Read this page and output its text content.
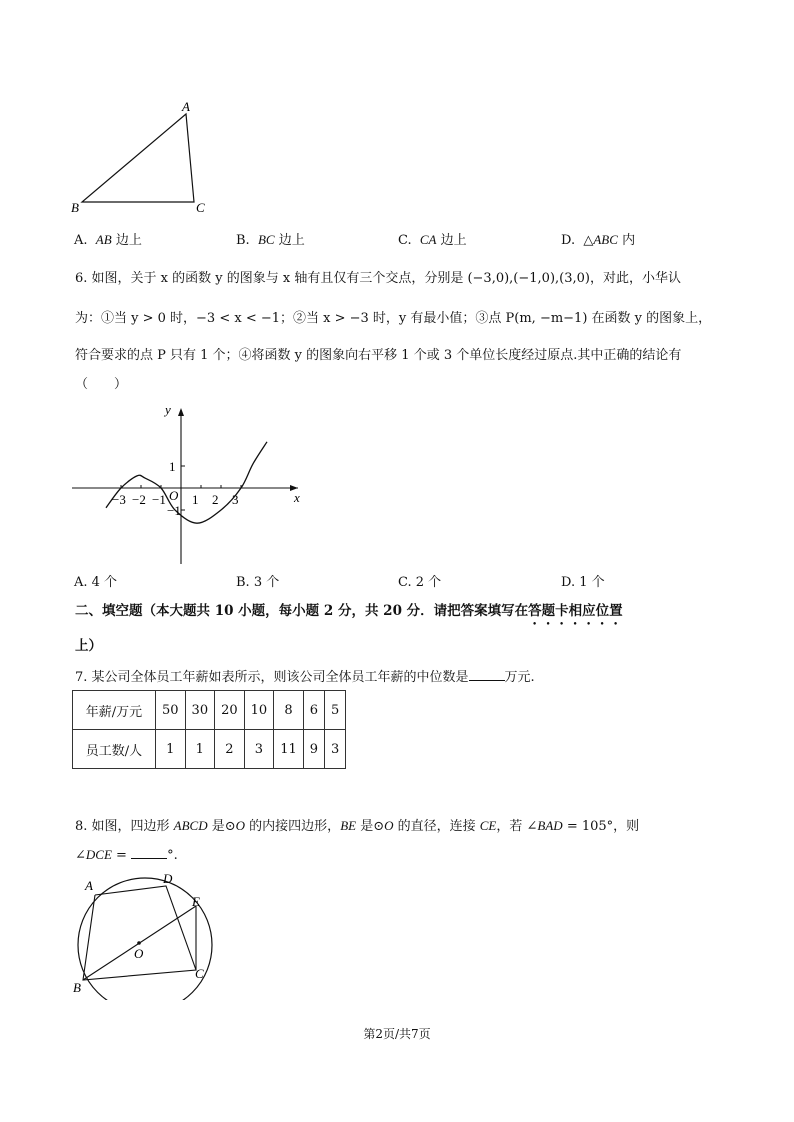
A
B	C
A. AB 边上	B. BC 边上	C. CA 边上	D. △ABC 内
6. 如图，关于 x 的函数 y 的图象与 x 轴有且仅有三个交点，分别是 (−3,0),(−1,0),(3,0)，对此，小华认
为：①当 y > 0 时，−3 < x < −1；②当 x > −3 时，y 有最小值；③点 P(m, −m−1) 在函数 y 的图象上，
符合要求的点 P 只有 1 个；④将函数 y 的图象向右平移 1 个或 3 个单位长度经过原点.其中正确的结论有
（　　）
y
x
O
−3 −2 −1 1 2 3
1
−1
A. 4 个	B. 3 个	C. 2 个	D. 1 个
二、填空题（本大题共 10 小题，每小题 2 分，共 20 分．请把答案填写在答题卡相应位置
上）
7. 某公司全体员工年薪如表所示，则该公司全体员工年薪的中位数是	万元.
年薪/万元	50	30	20	10	8	6	5
员工数/人	1	1	2	3	11	9	3
8. 如图，四边形 ABCD 是⊙O 的内接四边形，BE 是⊙O 的直径，连接 CE，若 ∠BAD = 105°，则
∠DCE =	°.
A	D
E
O
C
B
第2页/共7页
